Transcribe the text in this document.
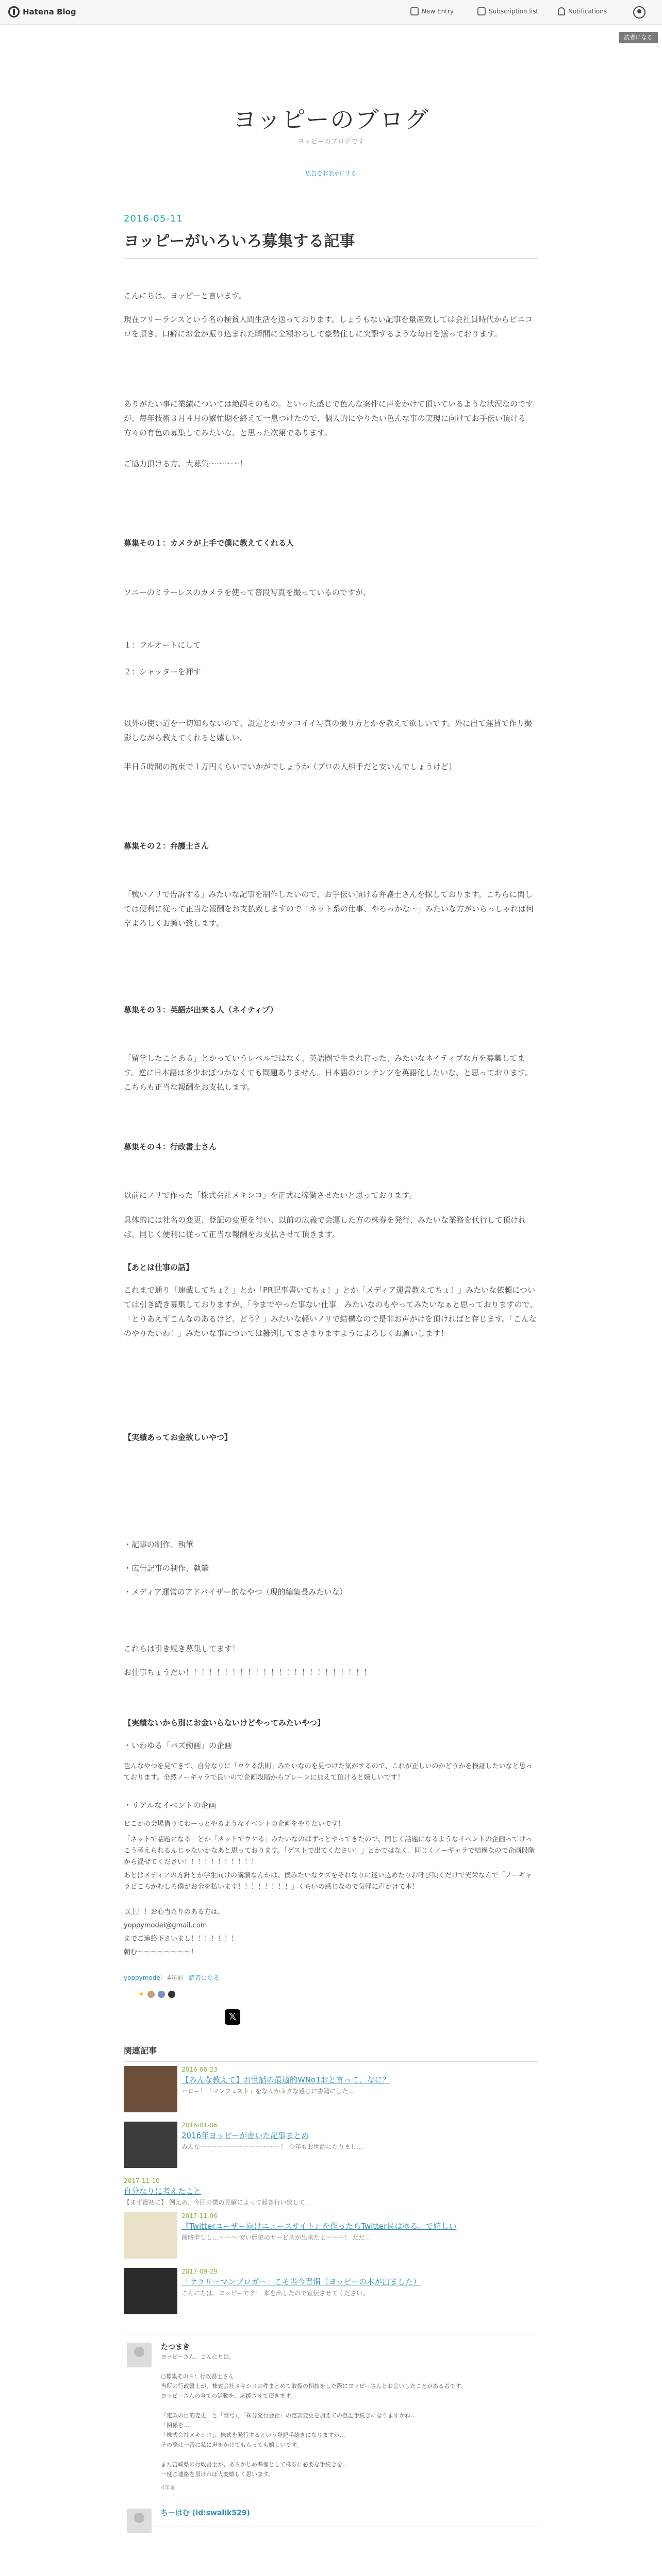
Hatena Blog	New Entry	Subscription list	Notifications
読者になる
ヨッピーのブログ
ヨッピーのブログです
広告を非表示にする
2016-05-11
ヨッピーがいろいろ募集する記事
こんにちは、ヨッピーと言います。
現在フリーランスという名の極貧人間生活を送っております。しょうもない記事を量産致しては会社員時代からビニコロを頂き、口癖にお金が振り込まれた瞬間に全額おろして豪勢住しに突撃するような毎日を送っております。
ありがたい事に業績については絶調そのもの。といった感じで色んな案件に声をかけて頂いているような状況なのですが、毎年技術３月４月の繁忙期を終えて一息つけたので、個人的にやりたい色んな事の実現に向けてお手伝い頂ける方々の有色の募集してみたいな、と思った次第であります。
ご協力頂ける方、大募集〜〜〜〜！
募集その１：カメラが上手で僕に教えてくれる人
ソニーのミラーレスのカメラを使って普段写真を撮っているのですが、
１：フルオートにして
２：シャッターを押す
以外の使い道を一切知らないので、設定とかカッコイイ写真の撮り方とかを教えて欲しいです。外に出て運賃で作り撮影しながら教えてくれると嬉しい。
半日５時間の拘束で１万円くらいでいかがでしょうか（プロの人相手だと安いんでしょうけど）
募集その２：弁護士さん
「戦いノリで告訴する」みたいな記事を制作したいので、お手伝い頂ける弁護士さんを探しております。こちらに関しては便利に従って正当な報酬をお支払致しますので「ネット系の仕事、やろっかな〜」みたいな方がいらっしゃれば何卒よろしくお願い致します。
募集その３：英語が出来る人（ネイティブ）
「留学したことある」とかっていうレベルではなく、英語圏で生まれ育った、みたいなネイティブな方を募集してます。逆に日本語は多少おぼつかなくても問題ありません。日本語のコンテンツを英語化したいな、と思っております。こちらも正当な報酬をお支払します。
募集その４：行政書士さん
以前にノリで作った「株式会社メキシコ」を正式に稼働させたいと思っております。
具体的には社名の変更、登記の変更を行い、以前の広義で会運した方の株券を発行、みたいな業務を代行して頂ければ。同じく便利に従って正当な報酬をお支払させて頂きます。
【あとは仕事の話】
これまで通り「連載してちょ？」とか「PR記事書いてちょ！」とか「メディア運営教えてちょ！」みたいな依頼については引き続き募集しておりますが、「今までやった事ない仕事」みたいなのもやってみたいなぁと思っておりますので、「とりあえずこんなのあるけど、どう？」みたいな軽いノリで結構なので是非お声がけを頂ければと存じます。「こんなのやりたいわ！」みたいな事については雑判してまさまりますようによろしくお願いします！
【実績あってお金欲しいやつ】
・記事の制作、執筆
・広告記事の制作、執筆
・メディア運営のアドバイザー的なやつ（現的編集長みたいな）
これらは引き続き募集してます！
お仕事ちょうだい！！！！！！！！！！！！！！！！！！！！！！！！
【実績ないから別にお金いらないけどやってみたいやつ】
・いわゆる「バズ動画」の企画
色んなやつを見てきて、自分なりに「ウケる法則」みたいなのを見つけた気がするので、これが正しいのかどうかを検証したいなと思っております。全然ノーギャラで良いので企画段階からブレーンに加えて頂けると嬉しいです！
・リアルなイベントの企画
ビこかの会場借りてわーっとやるようなイベントの企画をやりたいです！
「ネットで話題になる」とか「ネットでウケる」みたいなのはずっとやってきたので、同じく話題になるようなイベントの企画ってけっこう考えられるんじゃないかなあと思っております。「ゲストで出てください！」とかではなく、同じくノーギャラで結構なので企画段階から混ぜてください！！！！！！！！！！！
あとはメディアの方針とか学生向けの講演なんかは、僕みたいなクズをそれなりに迷い込めたりお呼び頂くだけで光栄なんで「ノーギャラどころかむしろ僕がお金を払います！！！！！！！！」くらいの感じなので気軽に声かけて木！
以上！！お心当たりのある方は、
yoppymodel@gmail.com
までご連絡下さいまし！！！！！！！
朝む〜〜〜〜〜〜〜〜！
yoppymodel 4年前 読者になる
★
𝕏
関連記事
2016-06-23
【みんな教えて】お世話の最適的WNo1おと言って、なに？
ハロー！「マンフェスト」をなんかネタな感じに書籍にした…
2016-01-06
2016年ヨッピーが書いた記事まとめ
みんな〜〜〜〜〜〜〜〜〜〜〜〜〜！ 今年もお世話になりまし…
2017-11-10
自分なりに考えたこと
【まず最初に】 例えの、今回の僕の見解によって起き行い致して…
2017-11-06
『Twitterユーザー向けニュースサイト』を作ったらTwitter民はゆる。で嬉しい
前略申しし…〜〜〜 安い歴史のサービスが出来たよ〜〜〜！ ただ…
2017-09-29
「サラリーマンブロガー」こそ当今習慣（ヨッピーの本が出ました）
こんにちは。ヨッピーです！ 本を出したので宣伝させてください。
たつまき
ヨッピーさん、こんにちは。

○募集その４：行政書士さん
当所の行政書士が、株式会社メキシコの件まとめて取扱の相談をした際にヨッピーさんとお会いしたことがある者です。
ヨッピーさんの全ての活動を、応援させて頂きます。

「定款の目的変更」と「商号」、「株券発行会社」の定款変更を加えての登記手続きになりますかね…
「関係を…」
「株式会社メキシコ」、株式を発行するという登記手続きになりますか…
その際は一番に私に声をかけてもらっても嬉しいです。

また宮崎県の行政書士が、あらかじめ準備として株券に必要な手続きを…
一度ご連絡を頂ければ大変嬉しく思います。
4年前
ちーはむ (id:swalik529)
